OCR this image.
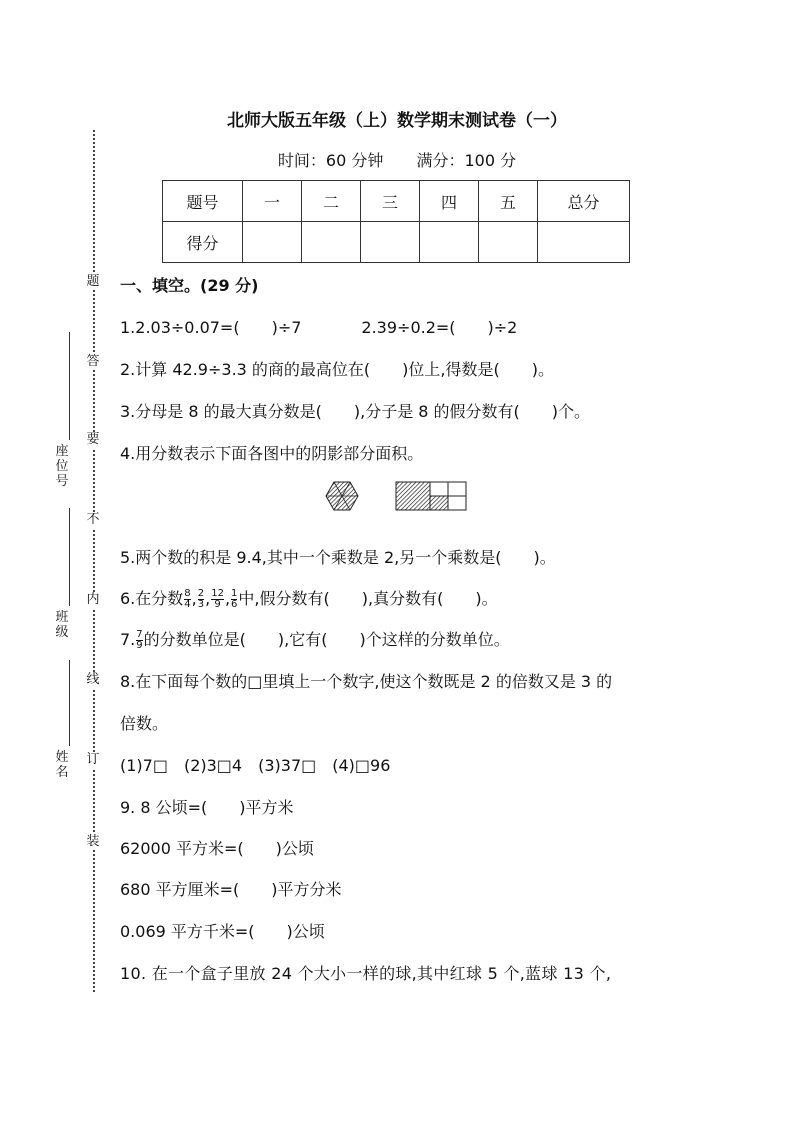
北师大版五年级（上）数学期末测试卷（一）
时间：60 分钟 满分：100 分
题号	一	二	三	四	五	总分
得分						
题
答
要
不
内
线
订
装
座位号
班级
姓名
一、填空。(29 分)
1.2.03÷0.07=(　　)÷7	2.39÷0.2=(　　)÷2
2.计算 42.9÷3.3 的商的最高位在(　　)位上,得数是(　　)。
3.分母是 8 的最大真分数是(　　),分子是 8 的假分数有(　　)个。
4.用分数表示下面各图中的阴影部分面积。
5.两个数的积是 9.4,其中一个乘数是 2,另一个乘数是(　　)。
6.在分数 $\frac{8}{4}$ , $\frac{2}{3}$ , $\frac{12}{9}$ , $\frac{1}{6}$ 中,假分数有(　　),真分数有(　　)。
7. $\frac{7}{9}$ 的分数单位是(　　),它有(　　)个这样的分数单位。
8.在下面每个数的□里填上一个数字,使这个数既是 2 的倍数又是 3 的
倍数。
(1)7□　(2)3□4　(3)37□　(4)□96
9. 8 公顷=(　　)平方米
62000 平方米=(　　)公顷
680 平方厘米=(　　)平方分米
0.069 平方千米=(　　)公顷
10. 在一个盒子里放 24 个大小一样的球,其中红球 5 个,蓝球 13 个,
